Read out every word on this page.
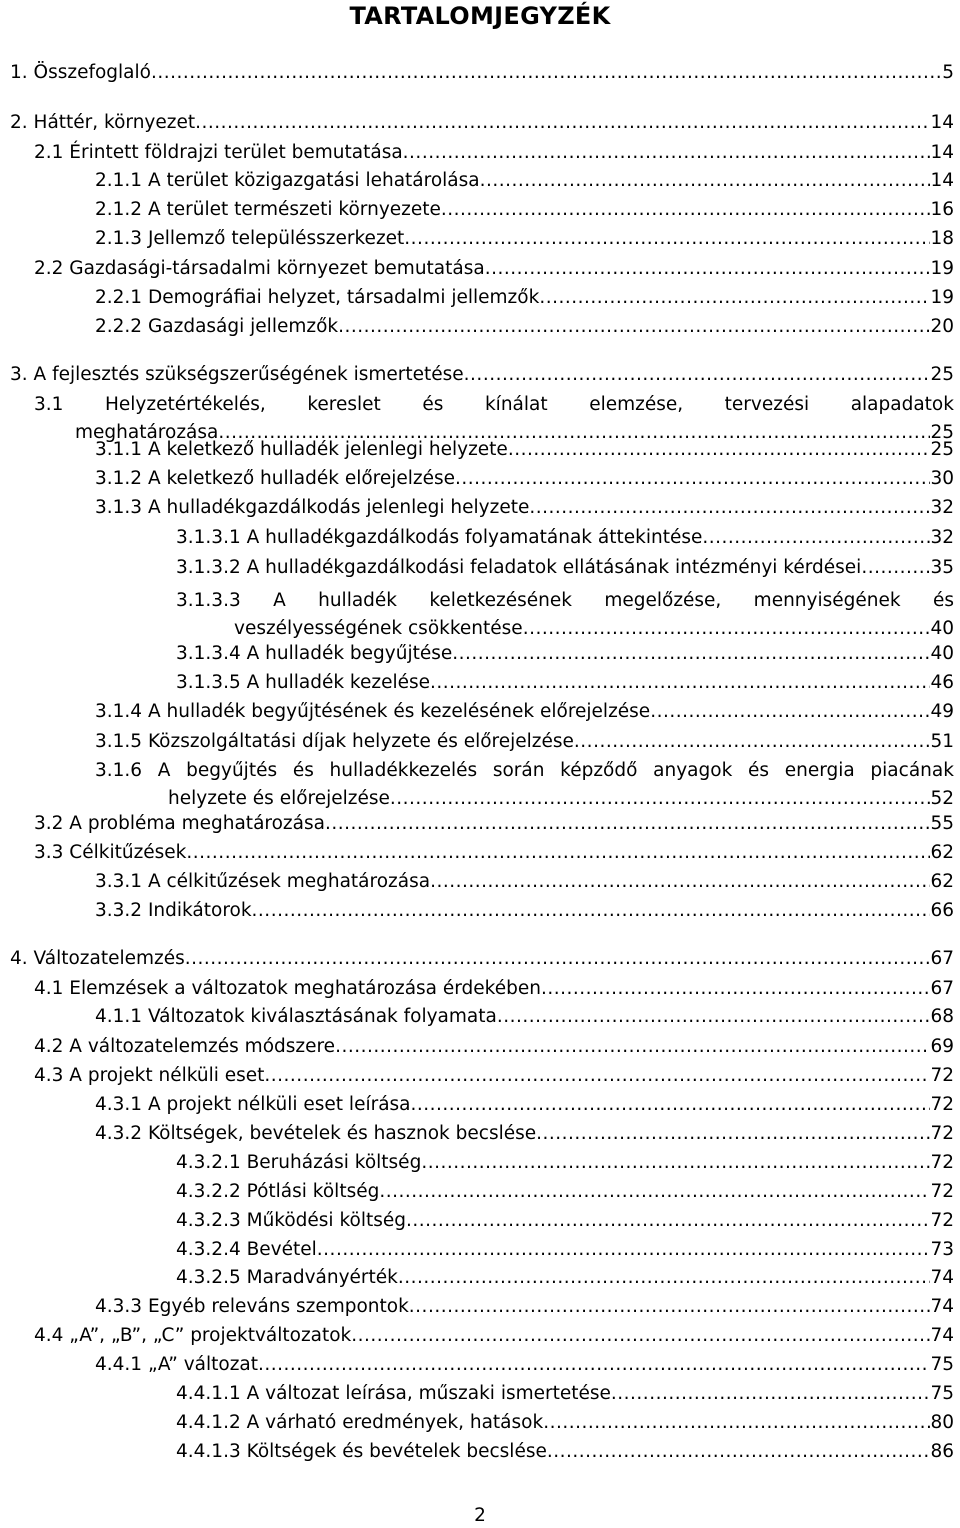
TARTALOMJEGYZÉK
1. Összefoglaló .....	5
2. Háttér, környezet .....	14
2.1 Érintett földrajzi terület bemutatása .....	14
2.1.1 A terület közigazgatási lehatárolása .....	14
2.1.2 A terület természeti környezete .....	16
2.1.3 Jellemző településszerkezet .....	18
2.2 Gazdasági-társadalmi környezet bemutatása .....	19
2.2.1 Demográfiai helyzet, társadalmi jellemzők .....	19
2.2.2 Gazdasági jellemzők .....	20
3. A fejlesztés szükségszerűségének ismertetése .....	25
3.1 Helyzetértékelés, kereslet és kínálat elemzése, tervezési alapadatok
meghatározása .....	25
3.1.1 A keletkező hulladék jelenlegi helyzete .....	25
3.1.2 A keletkező hulladék előrejelzése .....	30
3.1.3 A hulladékgazdálkodás jelenlegi helyzete .....	32
3.1.3.1 A hulladékgazdálkodás folyamatának áttekintése .....	32
3.1.3.2 A hulladékgazdálkodási feladatok ellátásának intézményi kérdései .....	35
3.1.3.3 A hulladék keletkezésének megelőzése, mennyiségének és
veszélyességének csökkentése .....	40
3.1.3.4 A hulladék begyűjtése .....	40
3.1.3.5 A hulladék kezelése .....	46
3.1.4 A hulladék begyűjtésének és kezelésének előrejelzése .....	49
3.1.5 Közszolgáltatási díjak helyzete és előrejelzése .....	51
3.1.6 A begyűjtés és hulladékkezelés során képződő anyagok és energia piacának
helyzete és előrejelzése .....	52
3.2 A probléma meghatározása .....	55
3.3 Célkitűzések .....	62
3.3.1 A célkitűzések meghatározása .....	62
3.3.2 Indikátorok .....	66
4. Változatelemzés .....	67
4.1 Elemzések a változatok meghatározása érdekében .....	67
4.1.1 Változatok kiválasztásának folyamata .....	68
4.2 A változatelemzés módszere .....	69
4.3 A projekt nélküli eset .....	72
4.3.1 A projekt nélküli eset leírása .....	72
4.3.2 Költségek, bevételek és hasznok becslése .....	72
4.3.2.1 Beruházási költség .....	72
4.3.2.2 Pótlási költség .....	72
4.3.2.3 Működési költség .....	72
4.3.2.4 Bevétel .....	73
4.3.2.5 Maradványérték .....	74
4.3.3 Egyéb releváns szempontok .....	74
4.4 „A”, „B”, „C” projektváltozatok .....	74
4.4.1 „A” változat .....	75
4.4.1.1 A változat leírása, műszaki ismertetése .....	75
4.4.1.2 A várható eredmények, hatások .....	80
4.4.1.3 Költségek és bevételek becslése .....	86
2
